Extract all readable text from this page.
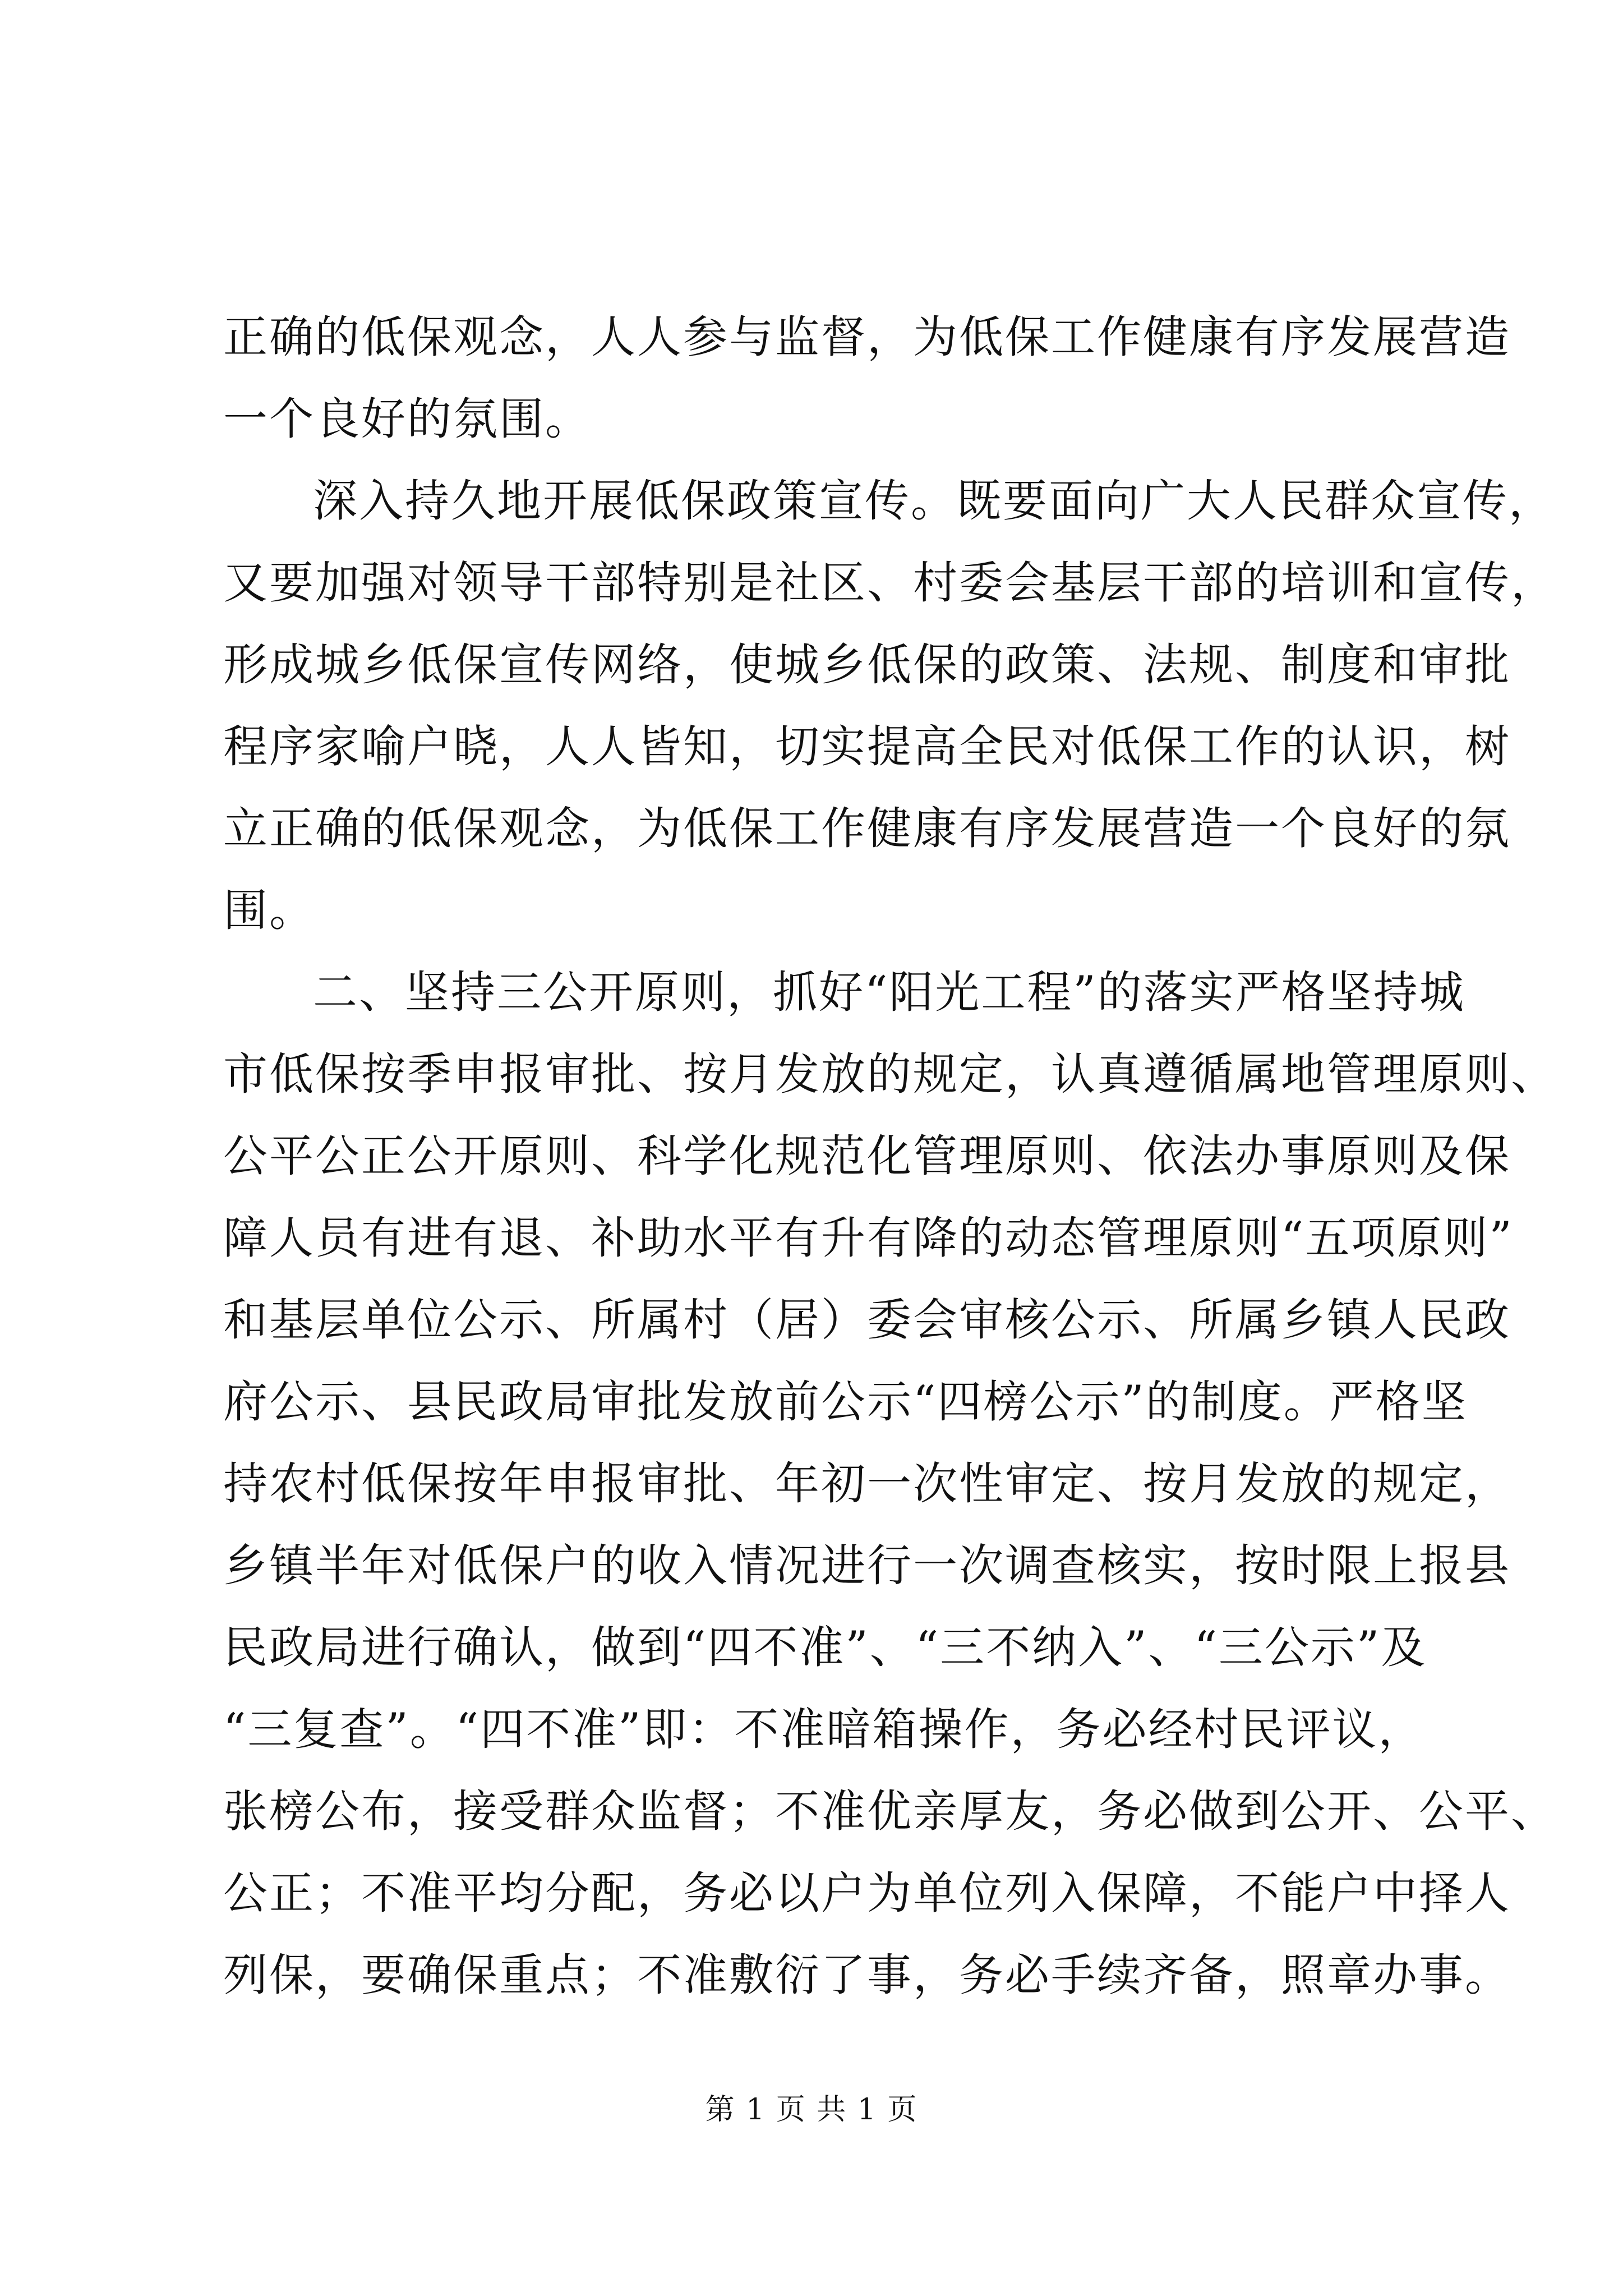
正确的低保观念，人人参与监督，为低保工作健康有序发展营造
一个良好的氛围。
深入持久地开展低保政策宣传。既要面向广大人民群众宣传，
又要加强对领导干部特别是社区、村委会基层干部的培训和宣传，
形成城乡低保宣传网络，使城乡低保的政策、法规、制度和审批
程序家喻户晓，人人皆知，切实提高全民对低保工作的认识，树
立正确的低保观念，为低保工作健康有序发展营造一个良好的氛
围。
二、坚持三公开原则，抓好“阳光工程”的落实严格坚持城
市低保按季申报审批、按月发放的规定，认真遵循属地管理原则、
公平公正公开原则、科学化规范化管理原则、依法办事原则及保
障人员有进有退、补助水平有升有降的动态管理原则“五项原则”
和基层单位公示、所属村（居）委会审核公示、所属乡镇人民政
府公示、县民政局审批发放前公示“四榜公示”的制度。严格坚
持农村低保按年申报审批、年初一次性审定、按月发放的规定，
乡镇半年对低保户的收入情况进行一次调查核实，按时限上报县
民政局进行确认，做到“四不准”、“三不纳入”、“三公示”及
“三复查”。“四不准”即：不准暗箱操作，务必经村民评议，
张榜公布，接受群众监督；不准优亲厚友，务必做到公开、公平、
公正；不准平均分配，务必以户为单位列入保障，不能户中择人
列保，要确保重点；不准敷衍了事，务必手续齐备，照章办事。
第 1 页 共 1 页
